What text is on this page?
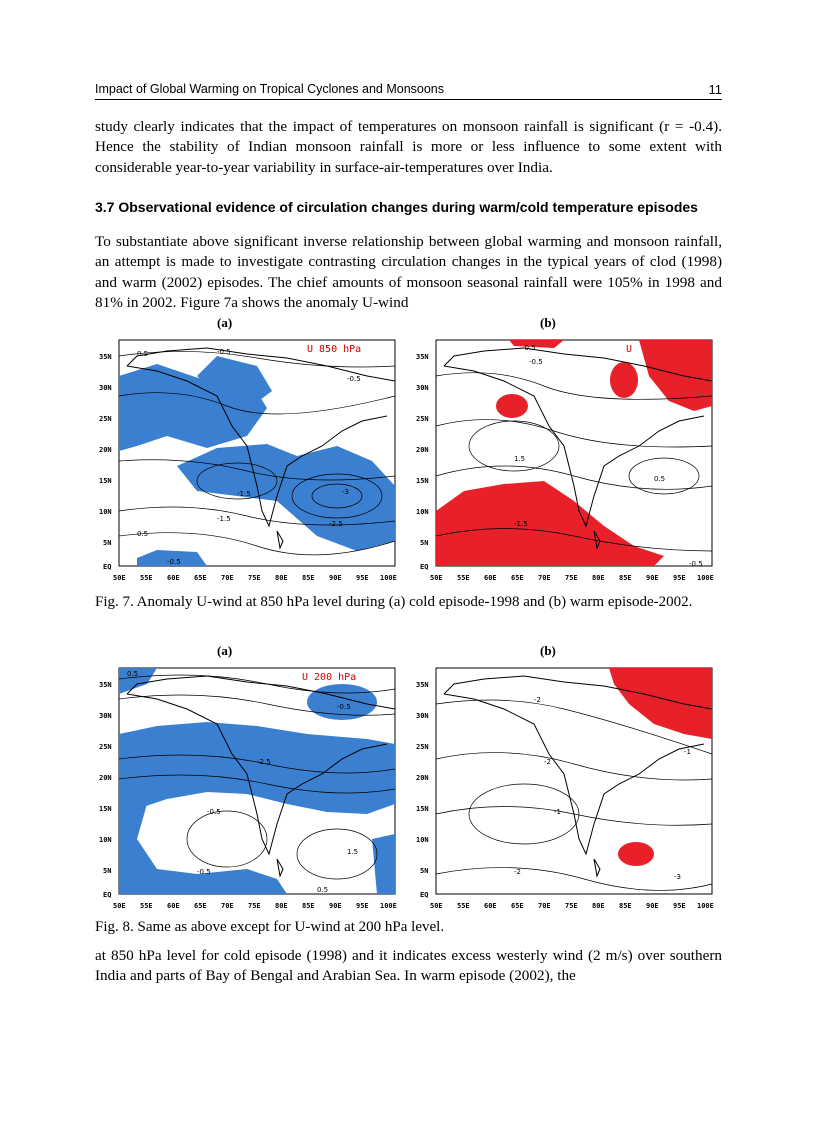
Impact of Global Warming on Tropical Cyclones and Monsoons	11

study clearly indicates that the impact of temperatures on monsoon rainfall is significant (r = -0.4). Hence the stability of Indian monsoon rainfall is more or less influence to some extent with considerable year-to-year variability in surface-air-temperatures over India.

3.7 Observational evidence of circulation changes during warm/cold temperature episodes

To substantiate above significant inverse relationship between global warming and monsoon rainfall, an attempt is made to investigate contrasting circulation changes in the typical years of clod (1998) and warm (2002) episodes. The chief amounts of monsoon seasonal rainfall were 105% in 1998 and 81% in 2002. Figure 7a shows the anomaly U-wind

(a)	(b)
U 850 hPa
0.5	-0.5
-0.5
-1.5	-3
-2.5
-1.5
0.5
-0.5
35N
30N
25N
20N
15N
10N
5N
EQ
50E 55E 60E 65E 70E 75E 80E 85E 90E 95E 100E
U
-0.5
-0.5
1.5
0.5
-0.5
-1.5
35N
30N
25N
20N
15N
10N
5N
EQ
50E 55E 60E 65E 70E 75E 80E 85E 90E 95E 100E
Fig. 7. Anomaly U-wind at 850 hPa level during (a) cold episode-1998 and (b) warm episode-2002.
(a)	(b)
U 200 hPa
0.5
-0.5
-2.5
-0.5
1.5
-0.5
0.5
35N
30N
25N
20N
15N
10N
5N
EQ
50E 55E 60E 65E 70E 75E 80E 85E 90E 95E 100E
-2
-1
-2
-1
-2
-3
35N
30N
25N
20N
15N
10N
5N
EQ
50E 55E 60E 65E 70E 75E 80E 85E 90E 95E 100E
Fig. 8. Same as above except for U-wind at 200 hPa level.

at 850 hPa level for cold episode (1998) and it indicates excess westerly wind (2 m/s) over southern India and parts of Bay of Bengal and Arabian Sea. In warm episode (2002), the
